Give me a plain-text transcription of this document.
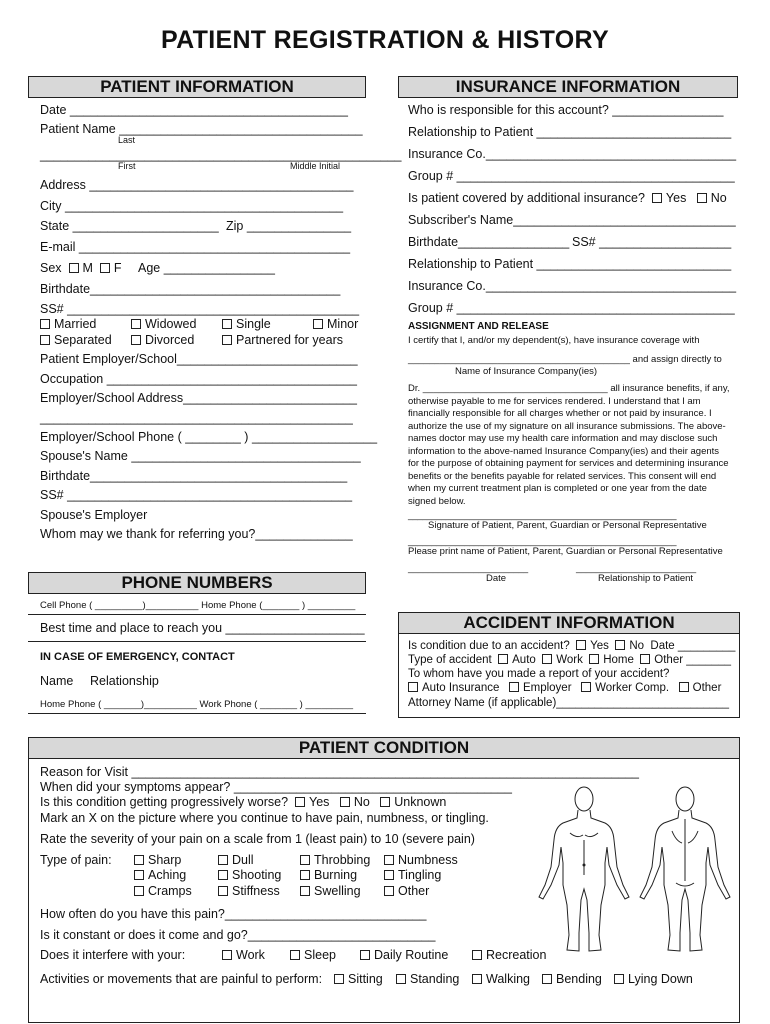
PATIENT REGISTRATION & HISTORY
PATIENT INFORMATION
Date ________________________________________
Patient Name ___________________________________
Last
____________________________________________________
First	Middle Initial
Address ______________________________________
City ________________________________________
State _____________________ Zip _______________
E-mail _______________________________________
Sex M F Age ________________
Birthdate____________________________________
SS# __________________________________________
Married	Widowed	Single	Minor
Separated	Divorced	Partnered for years
Patient Employer/School__________________________
Occupation ____________________________________
Employer/School Address_________________________
_____________________________________________
Employer/School Phone ( ________ ) __________________
Spouse's Name _________________________________
Birthdate_____________________________________
SS# _________________________________________
Spouse's Employer
Whom may we thank for referring you?______________
INSURANCE INFORMATION
Who is responsible for this account? ________________
Relationship to Patient ____________________________
Insurance Co.____________________________________
Group # ________________________________________
Is patient covered by additional insurance? Yes No
Subscriber's Name________________________________
Birthdate________________ SS# ___________________
Relationship to Patient ____________________________
Insurance Co.____________________________________
Group # ________________________________________
ASSIGNMENT AND RELEASE
I certify that I, and/or my dependent(s), have insurance coverage with
__________________________________________ and assign directly to
Name of Insurance Company(ies)
Dr. ___________________________________ all insurance benefits, if any, otherwise payable to me for services rendered. I understand that I am financially responsible for all charges whether or not paid by insurance. I authorize the use of my signature on all insurance submissions. The above-names doctor may use my health care information and may disclose such information to the above-named Insurance Company(ies) and their agents for the purpose of obtaining payment for services and determining insurance benefits or the benefits payable for related services. This consent will end when my current treatment plan is completed or one year from the date signed below.
_________________________________________________________
Signature of Patient, Parent, Guardian or Personal Representative
_________________________________________________________
Please print name of Patient, Parent, Guardian or Personal Representative
________________________	________________________
Date	Relationship to Patient
PHONE NUMBERS
Cell Phone ( _________)__________ Home Phone (_______ ) _________
Best time and place to reach you ____________________
IN CASE OF EMERGENCY, CONTACT
Name Relationship
Home Phone ( _______)__________ Work Phone ( _______ ) _________
ACCIDENT INFORMATION
Is condition due to an accident? Yes No Date _________
Type of accident Auto Work Home Other _______
To whom have you made a report of your accident?
Auto Insurance Employer Worker Comp. Other
Attorney Name (if applicable)___________________________
PATIENT CONDITION
Reason for Visit _________________________________________________________________________
When did your symptoms appear? ________________________________________
Is this condition getting progressively worse? Yes No Unknown
Mark an X on the picture where you continue to have pain, numbness, or tingling.
Rate the severity of your pain on a scale from 1 (least pain) to 10 (severe pain)
Type of pain:	Sharp	Dull	Throbbing	Numbness
Aching	Shooting	Burning	Tingling
Cramps	Stiffness	Swelling	Other
How often do you have this pain?_____________________________
Is it constant or does it come and go?___________________________
Does it interfere with your:	Work	Sleep	Daily Routine	Recreation
Activities or movements that are painful to perform:	Sitting	Standing	Walking	Bending	Lying Down
